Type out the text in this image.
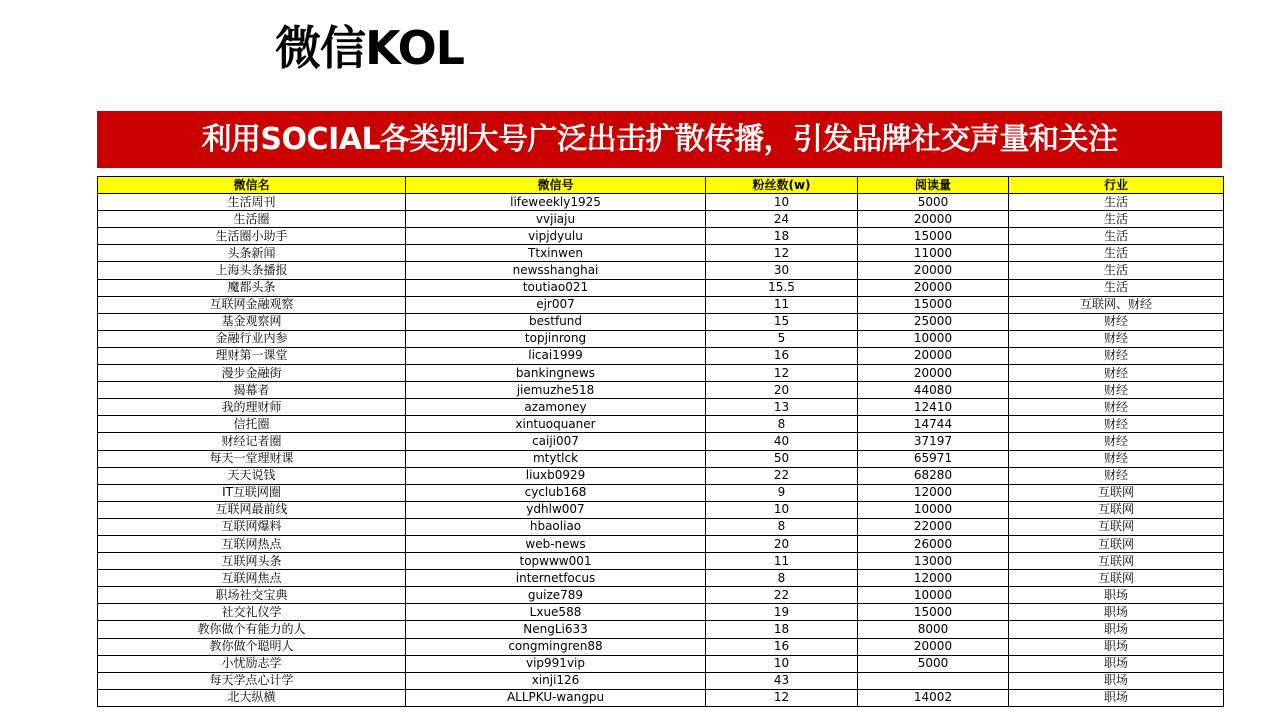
微信KOL
利用SOCIAL各类别大号广泛出击扩散传播，引发品牌社交声量和关注
微信名	微信号	粉丝数(w)	阅读量	行业
生活周刊	lifeweekly1925	10	5000	生活
生活圈	vvjiaju	24	20000	生活
生活圈小助手	vipjdyulu	18	15000	生活
头条新闻	Ttxinwen	12	11000	生活
上海头条播报	newsshanghai	30	20000	生活
魔都头条	toutiao021	15.5	20000	生活
互联网金融观察	ejr007	11	15000	互联网、财经
基金观察网	bestfund	15	25000	财经
金融行业内参	topjinrong	5	10000	财经
理财第一课堂	licai1999	16	20000	财经
漫步金融街	bankingnews	12	20000	财经
揭幕者	jiemuzhe518	20	44080	财经
我的理财师	azamoney	13	12410	财经
信托圈	xintuoquaner	8	14744	财经
财经记者圈	caiji007	40	37197	财经
每天一堂理财课	mtytlck	50	65971	财经
天天说钱	liuxb0929	22	68280	财经
IT互联网圈	cyclub168	9	12000	互联网
互联网最前线	ydhlw007	10	10000	互联网
互联网爆料	hbaoliao	8	22000	互联网
互联网热点	web-news	20	26000	互联网
互联网头条	topwww001	11	13000	互联网
互联网焦点	internetfocus	8	12000	互联网
职场社交宝典	guize789	22	10000	职场
社交礼仪学	Lxue588	19	15000	职场
教你做个有能力的人	NengLi633	18	8000	职场
教你做个聪明人	congmingren88	16	20000	职场
小忧励志学	vip991vip	10	5000	职场
每天学点心计学	xinji126	43		职场
北大纵横	ALLPKU-wangpu	12	14002	职场
